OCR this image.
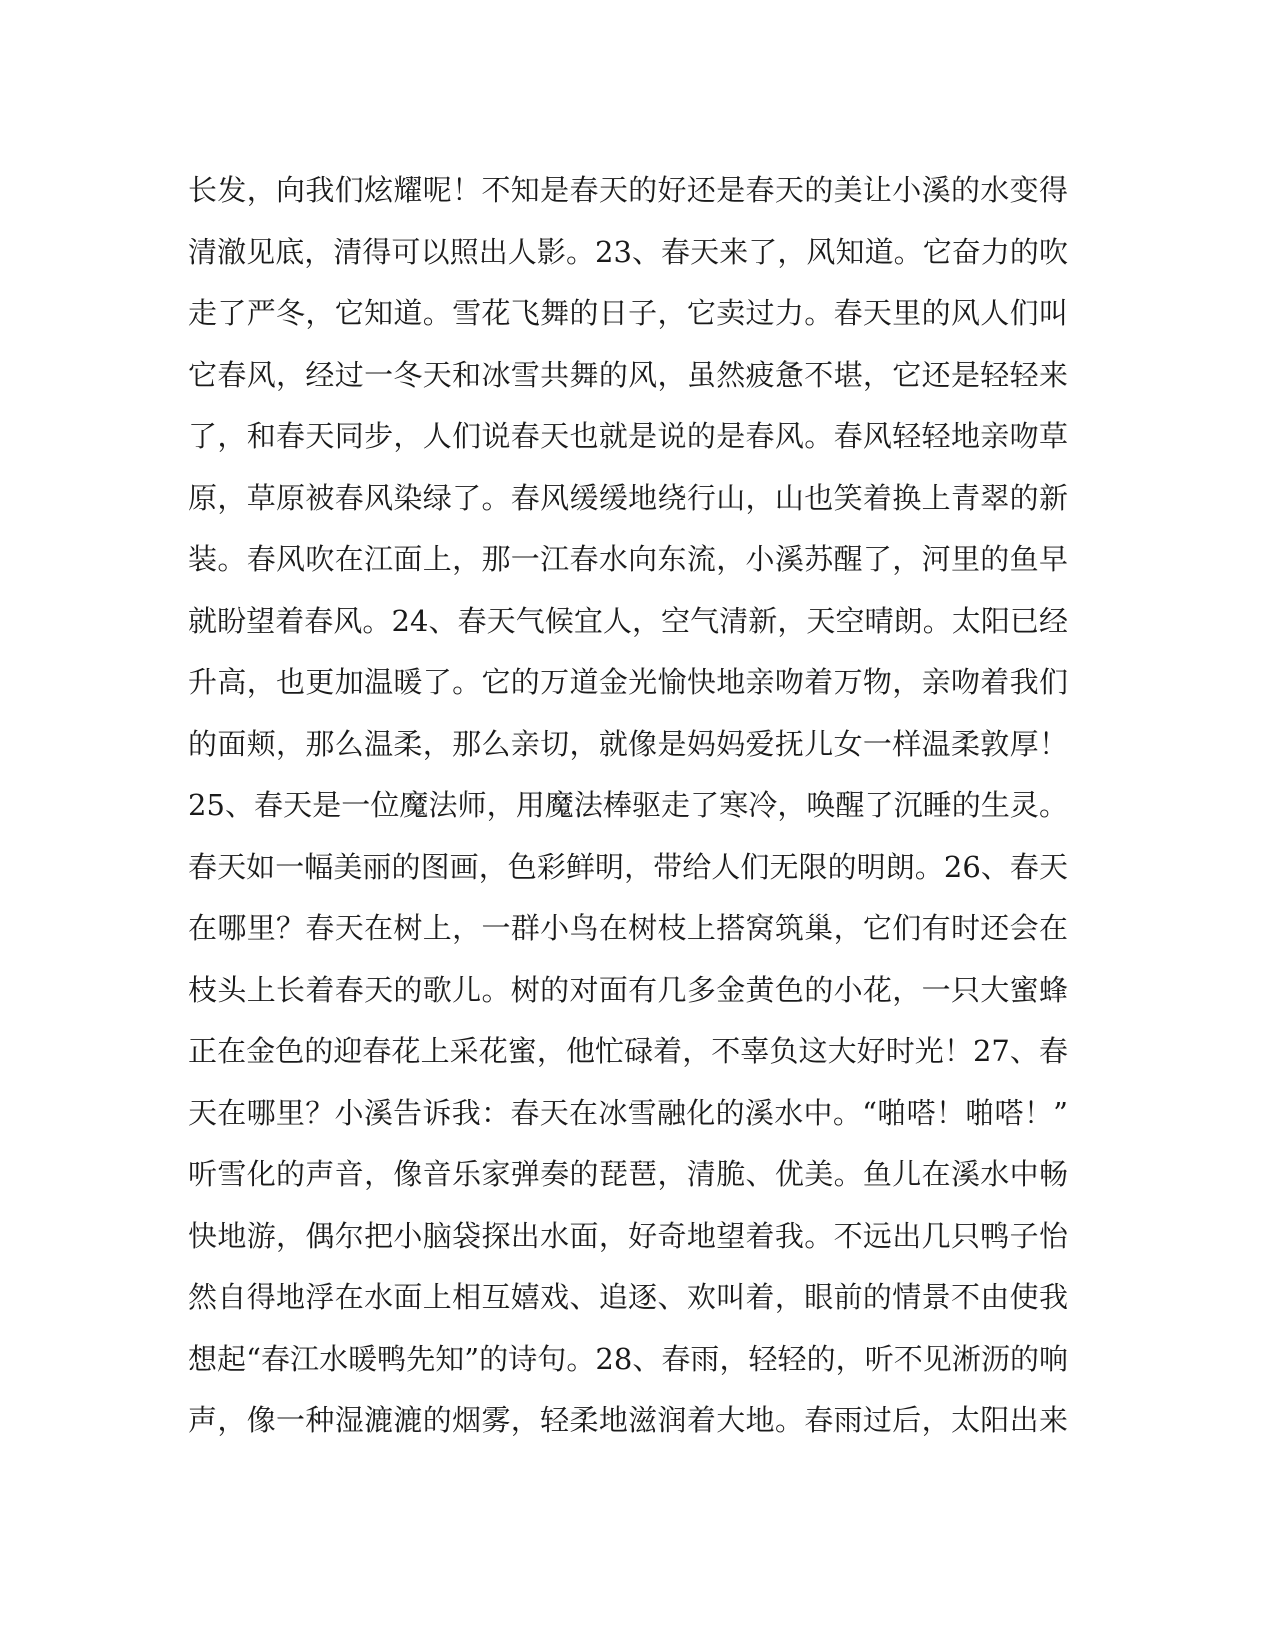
长发，向我们炫耀呢！不知是春天的好还是春天的美让小溪的水变得
清澈见底，清得可以照出人影。23、春天来了，风知道。它奋力的吹
走了严冬，它知道。雪花飞舞的日子，它卖过力。春天里的风人们叫
它春风，经过一冬天和冰雪共舞的风，虽然疲惫不堪，它还是轻轻来
了，和春天同步，人们说春天也就是说的是春风。春风轻轻地亲吻草
原，草原被春风染绿了。春风缓缓地绕行山，山也笑着换上青翠的新
装。春风吹在江面上，那一江春水向东流，小溪苏醒了，河里的鱼早
就盼望着春风。24、春天气候宜人，空气清新，天空晴朗。太阳已经
升高，也更加温暖了。它的万道金光愉快地亲吻着万物，亲吻着我们
的面颊，那么温柔，那么亲切，就像是妈妈爱抚儿女一样温柔敦厚！
25、春天是一位魔法师，用魔法棒驱走了寒冷，唤醒了沉睡的生灵。
春天如一幅美丽的图画，色彩鲜明，带给人们无限的明朗。26、春天
在哪里？春天在树上，一群小鸟在树枝上搭窝筑巢，它们有时还会在
枝头上长着春天的歌儿。树的对面有几多金黄色的小花，一只大蜜蜂
正在金色的迎春花上采花蜜，他忙碌着，不辜负这大好时光！27、春
天在哪里？小溪告诉我：春天在冰雪融化的溪水中。“啪嗒！啪嗒！”
听雪化的声音，像音乐家弹奏的琵琶，清脆、优美。鱼儿在溪水中畅
快地游，偶尔把小脑袋探出水面，好奇地望着我。不远出几只鸭子怡
然自得地浮在水面上相互嬉戏、追逐、欢叫着，眼前的情景不由使我
想起“春江水暖鸭先知”的诗句。28、春雨，轻轻的，听不见淅沥的响
声，像一种湿漉漉的烟雾，轻柔地滋润着大地。春雨过后，太阳出来
